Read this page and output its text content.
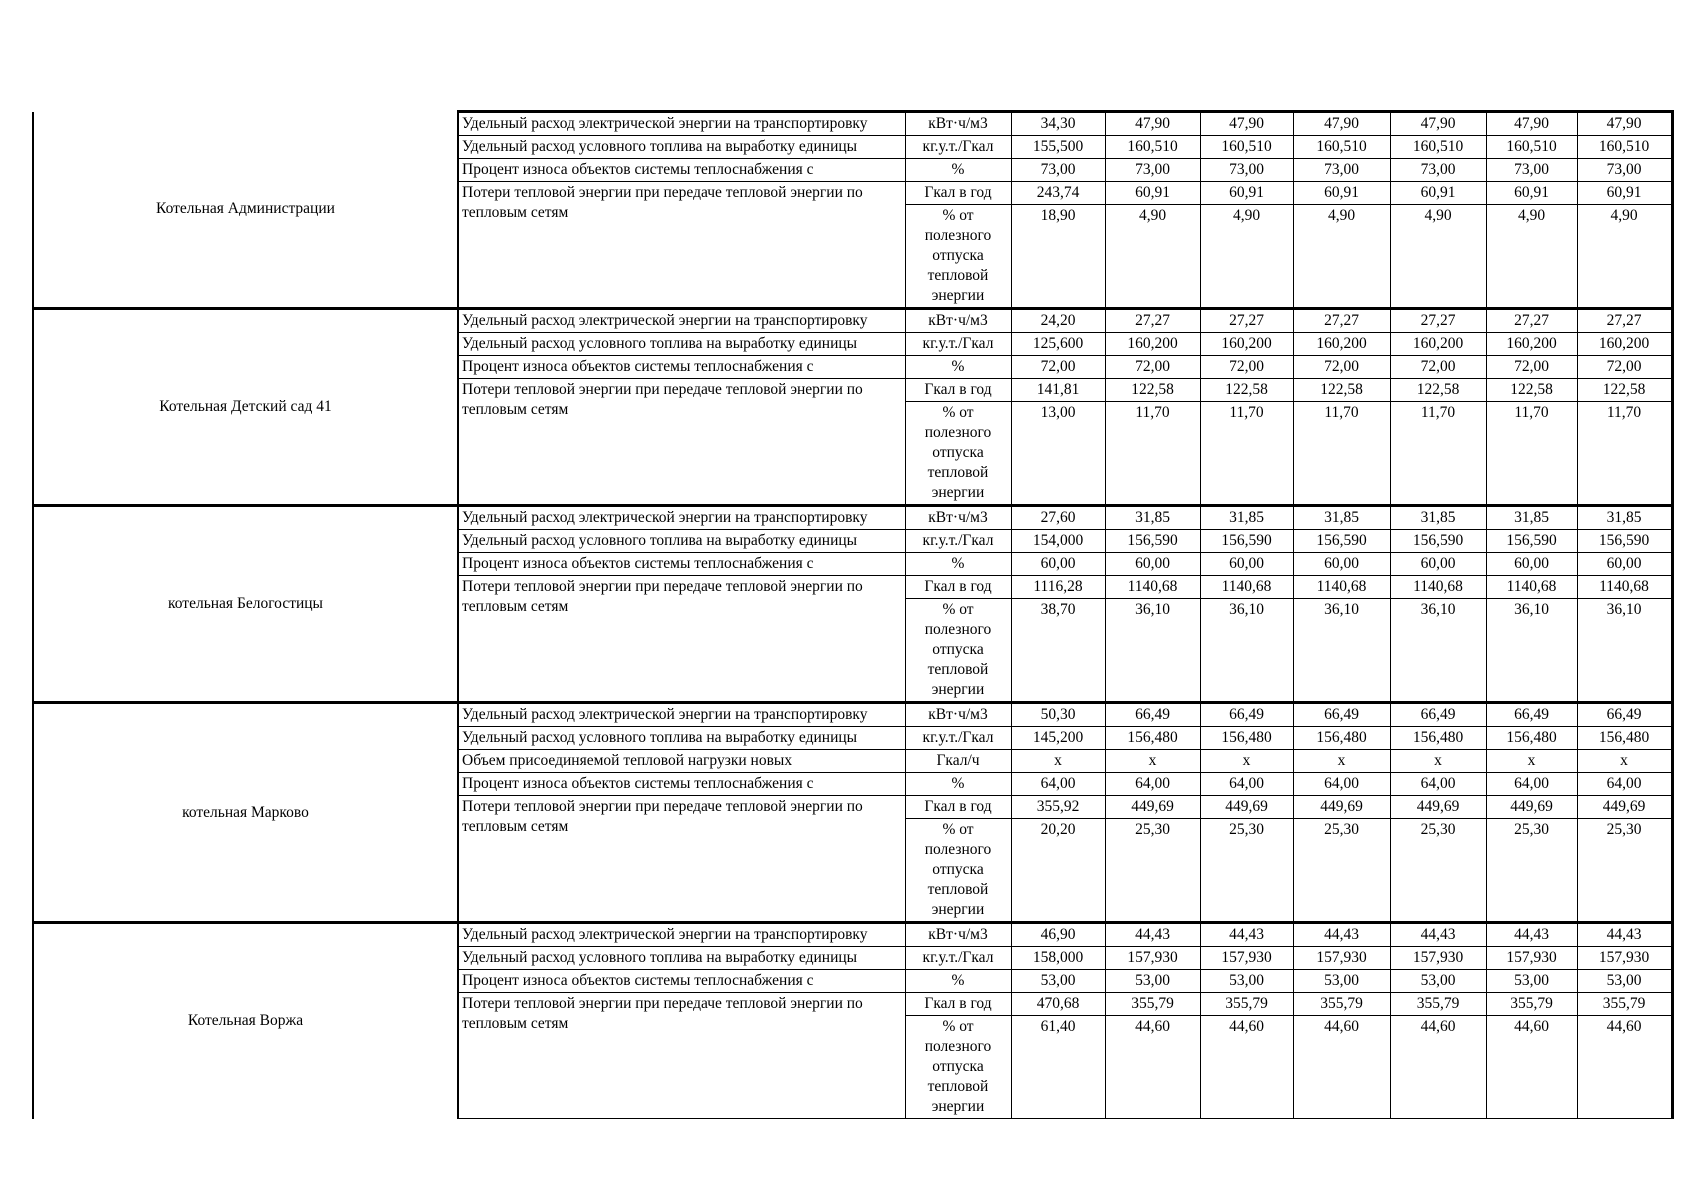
Котельная Администрации	Удельный расход электрической энергии на транспортировку	кВт·ч/м3	34,30	47,90	47,90	47,90	47,90	47,90	47,90
	Удельный расход условного топлива на выработку единицы	кг.у.т./Гкал	155,500	160,510	160,510	160,510	160,510	160,510	160,510
	Процент износа объектов системы теплоснабжения с	%	73,00	73,00	73,00	73,00	73,00	73,00	73,00
	Потери тепловой энергии при передаче тепловой энергии по тепловым сетям	Гкал в год	243,74	60,91	60,91	60,91	60,91	60,91	60,91
		% от полезного отпуска тепловой энергии	18,90	4,90	4,90	4,90	4,90	4,90	4,90
Котельная Детский сад 41	Удельный расход электрической энергии на транспортировку	кВт·ч/м3	24,20	27,27	27,27	27,27	27,27	27,27	27,27
	Удельный расход условного топлива на выработку единицы	кг.у.т./Гкал	125,600	160,200	160,200	160,200	160,200	160,200	160,200
	Процент износа объектов системы теплоснабжения с	%	72,00	72,00	72,00	72,00	72,00	72,00	72,00
	Потери тепловой энергии при передаче тепловой энергии по тепловым сетям	Гкал в год	141,81	122,58	122,58	122,58	122,58	122,58	122,58
		% от полезного отпуска тепловой энергии	13,00	11,70	11,70	11,70	11,70	11,70	11,70
котельная Белогостицы	Удельный расход электрической энергии на транспортировку	кВт·ч/м3	27,60	31,85	31,85	31,85	31,85	31,85	31,85
	Удельный расход условного топлива на выработку единицы	кг.у.т./Гкал	154,000	156,590	156,590	156,590	156,590	156,590	156,590
	Процент износа объектов системы теплоснабжения с	%	60,00	60,00	60,00	60,00	60,00	60,00	60,00
	Потери тепловой энергии при передаче тепловой энергии по тепловым сетям	Гкал в год	1116,28	1140,68	1140,68	1140,68	1140,68	1140,68	1140,68
		% от полезного отпуска тепловой энергии	38,70	36,10	36,10	36,10	36,10	36,10	36,10
котельная Марково	Удельный расход электрической энергии на транспортировку	кВт·ч/м3	50,30	66,49	66,49	66,49	66,49	66,49	66,49
	Удельный расход условного топлива на выработку единицы	кг.у.т./Гкал	145,200	156,480	156,480	156,480	156,480	156,480	156,480
	Объем присоединяемой тепловой нагрузки новых	Гкал/ч	x	x	x	x	x	x	x
	Процент износа объектов системы теплоснабжения с	%	64,00	64,00	64,00	64,00	64,00	64,00	64,00
	Потери тепловой энергии при передаче тепловой энергии по тепловым сетям	Гкал в год	355,92	449,69	449,69	449,69	449,69	449,69	449,69
		% от полезного отпуска тепловой энергии	20,20	25,30	25,30	25,30	25,30	25,30	25,30
Котельная Воржа	Удельный расход электрической энергии на транспортировку	кВт·ч/м3	46,90	44,43	44,43	44,43	44,43	44,43	44,43
	Удельный расход условного топлива на выработку единицы	кг.у.т./Гкал	158,000	157,930	157,930	157,930	157,930	157,930	157,930
	Процент износа объектов системы теплоснабжения с	%	53,00	53,00	53,00	53,00	53,00	53,00	53,00
	Потери тепловой энергии при передаче тепловой энергии по тепловым сетям	Гкал в год	470,68	355,79	355,79	355,79	355,79	355,79	355,79
		% от полезного отпуска тепловой энергии	61,40	44,60	44,60	44,60	44,60	44,60	44,60
